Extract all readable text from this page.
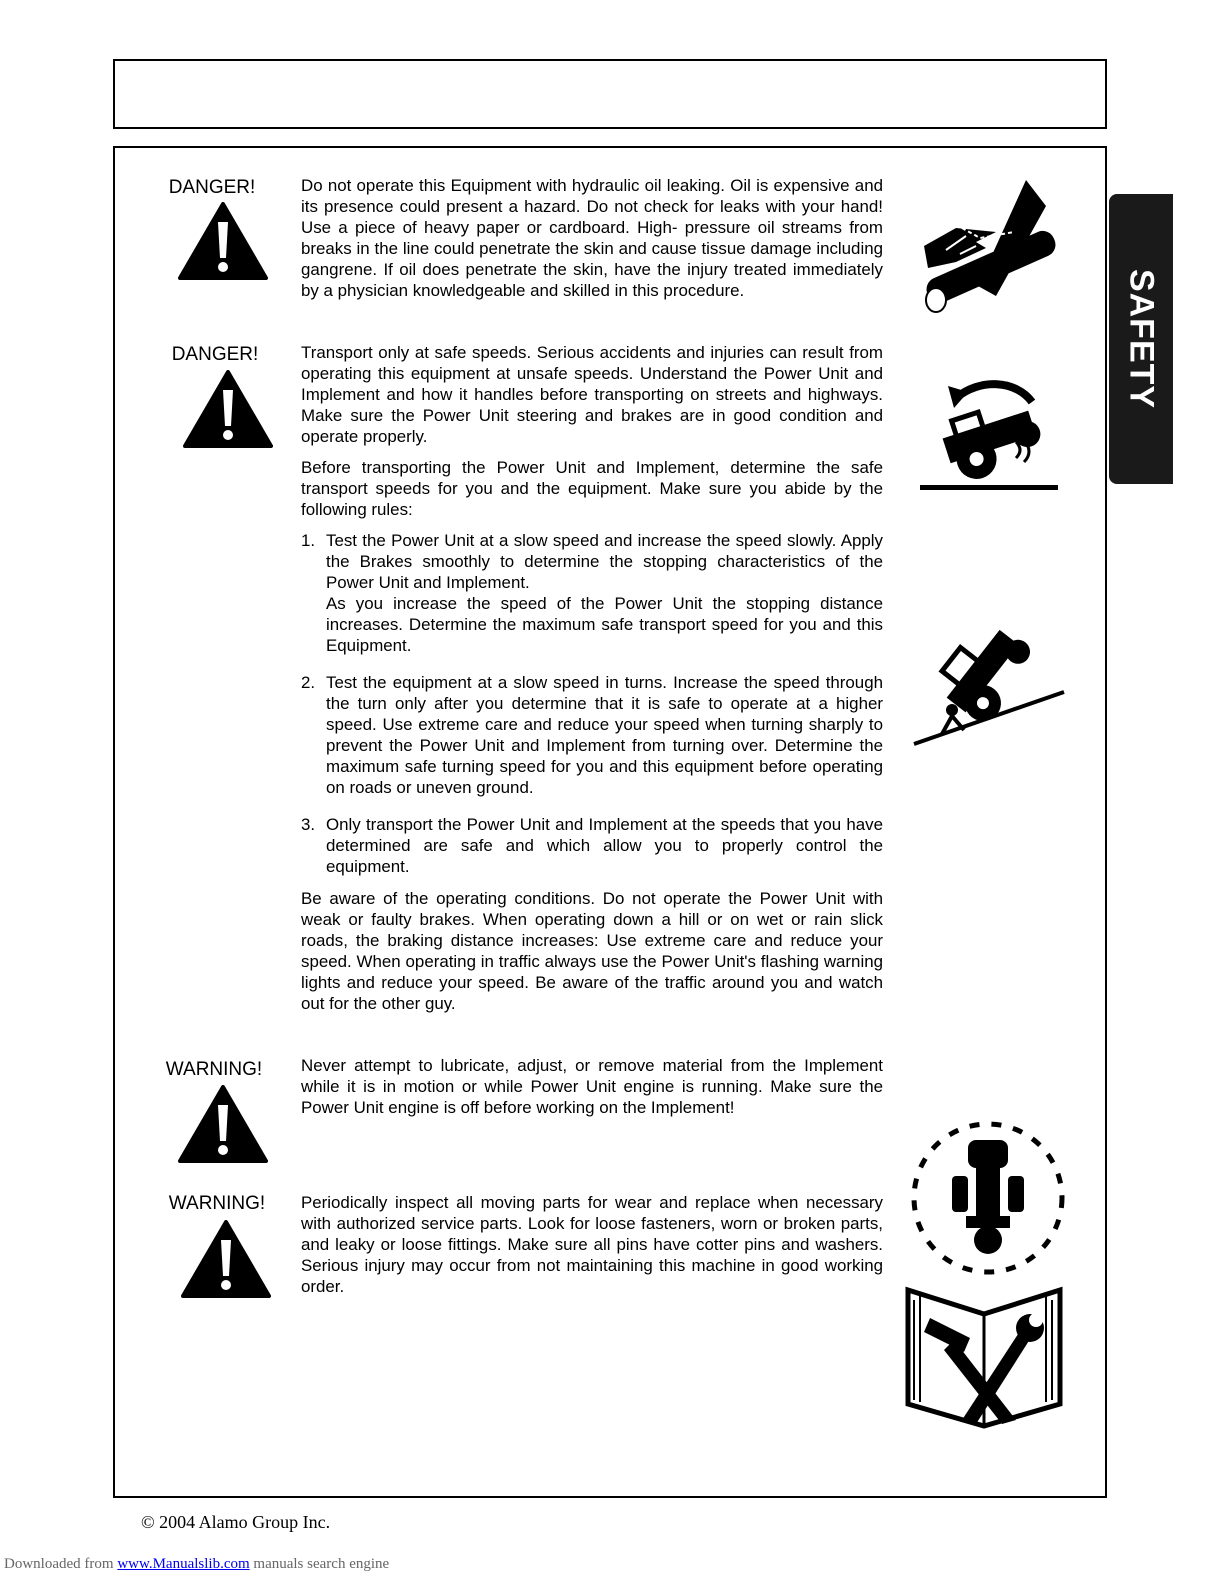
SAFETY
DANGER!	Do not operate this Equipment with hydraulic oil leaking. Oil is expensive and its presence could present a hazard. Do not check for leaks with your hand! Use a piece of heavy paper or cardboard. High- pressure oil streams from breaks in the line could penetrate the skin and cause tissue damage including gangrene. If oil does penetrate the skin, have the injury treated immediately by a physician knowledgeable and skilled in this procedure.

DANGER!	Transport only at safe speeds. Serious accidents and injuries can result from operating this equipment at unsafe speeds. Understand the Power Unit and Implement and how it handles before transporting on streets and highways. Make sure the Power Unit steering and brakes are in good condition and operate properly.

Before transporting the Power Unit and Implement, determine the safe transport speeds for you and the equipment. Make sure you abide by the following rules:

1. Test the Power Unit at a slow speed and increase the speed slowly. Apply the Brakes smoothly to determine the stopping characteristics of the Power Unit and Implement.

As you increase the speed of the Power Unit the stopping distance increases. Determine the maximum safe transport speed for you and this Equipment.

2. Test the equipment at a slow speed in turns. Increase the speed through the turn only after you determine that it is safe to operate at a higher speed. Use extreme care and reduce your speed when turning sharply to prevent the Power Unit and Implement from turning over. Determine the maximum safe turning speed for you and this equipment before operating on roads or uneven ground.

3. Only transport the Power Unit and Implement at the speeds that you have determined are safe and which allow you to properly control the equipment.

Be aware of the operating conditions. Do not operate the Power Unit with weak or faulty brakes. When operating down a hill or on wet or rain slick roads, the braking distance increases: Use extreme care and reduce your speed. When operating in traffic always use the Power Unit's flashing warning lights and reduce your speed. Be aware of the traffic around you and watch out for the other guy.

WARNING!	Never attempt to lubricate, adjust, or remove material from the Implement while it is in motion or while Power Unit engine is running. Make sure the Power Unit engine is off before working on the Implement!

WARNING!	Periodically inspect all moving parts for wear and replace when necessary with authorized service parts. Look for loose fasteners, worn or broken parts, and leaky or loose fittings. Make sure all pins have cotter pins and washers. Serious injury may occur from not maintaining this machine in good working order.

© 2004 Alamo Group Inc.
Downloaded from www.Manualslib.com manuals search engine
